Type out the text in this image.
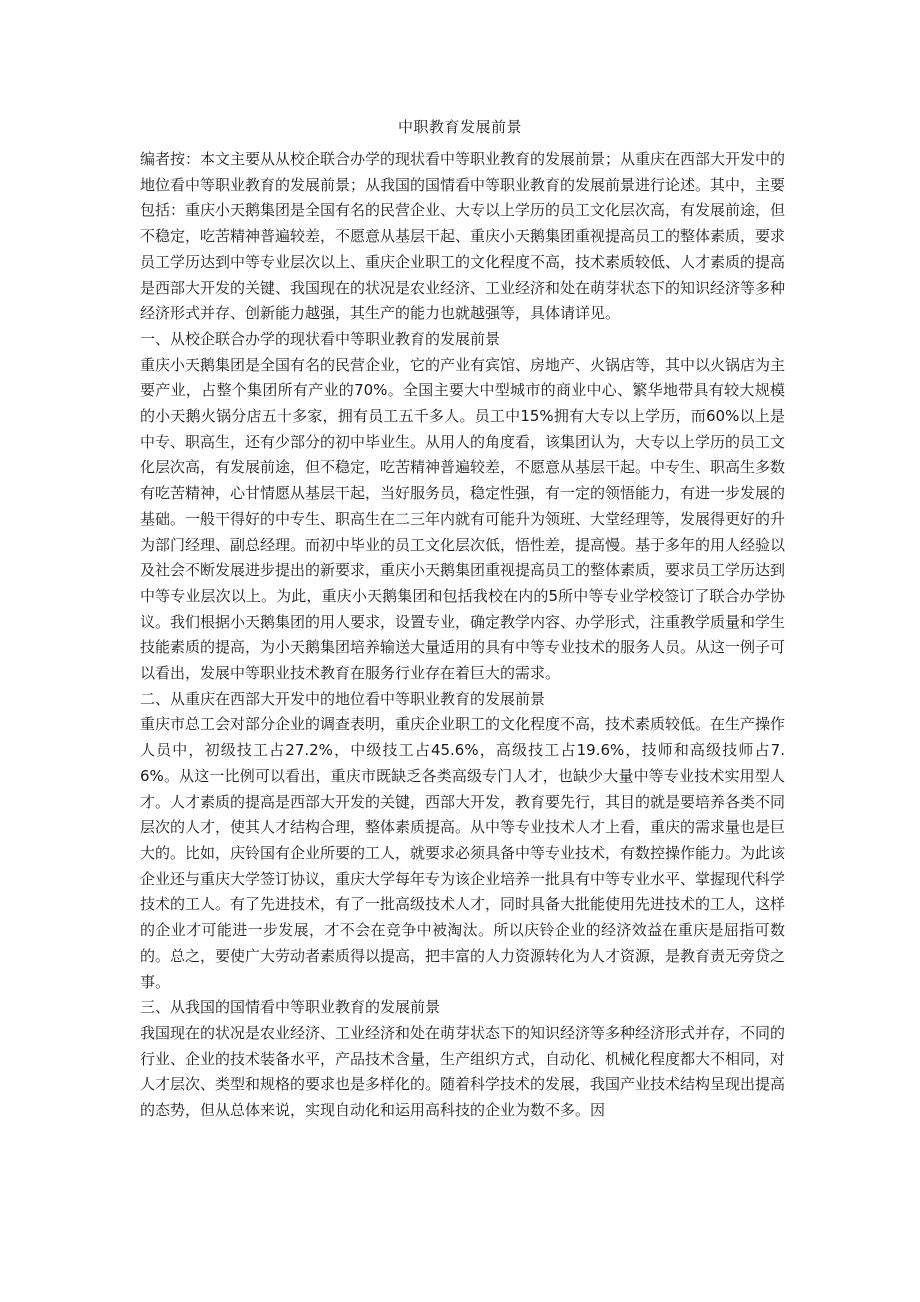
中职教育发展前景

编者按：本文主要从从校企联合办学的现状看中等职业教育的发展前景；从重庆在西部大开发中的地位看中等职业教育的发展前景；从我国的国情看中等职业教育的发展前景进行论述。其中，主要包括：重庆小天鹅集团是全国有名的民营企业、大专以上学历的员工文化层次高，有发展前途，但不稳定，吃苦精神普遍较差，不愿意从基层干起、重庆小天鹅集团重视提高员工的整体素质，要求员工学历达到中等专业层次以上、重庆企业职工的文化程度不高，技术素质较低、人才素质的提高是西部大开发的关键、我国现在的状况是农业经济、工业经济和处在萌芽状态下的知识经济等多种经济形式并存、创新能力越强，其生产的能力也就越强等，具体请详见。

一、从校企联合办学的现状看中等职业教育的发展前景

重庆小天鹅集团是全国有名的民营企业，它的产业有宾馆、房地产、火锅店等，其中以火锅店为主要产业，占整个集团所有产业的70%。全国主要大中型城市的商业中心、繁华地带具有较大规模的小天鹅火锅分店五十多家，拥有员工五千多人。员工中15%拥有大专以上学历，而60%以上是中专、职高生，还有少部分的初中毕业生。从用人的角度看，该集团认为，大专以上学历的员工文化层次高，有发展前途，但不稳定，吃苦精神普遍较差，不愿意从基层干起。中专生、职高生多数有吃苦精神，心甘情愿从基层干起，当好服务员，稳定性强，有一定的领悟能力，有进一步发展的基础。一般干得好的中专生、职高生在二三年内就有可能升为领班、大堂经理等，发展得更好的升为部门经理、副总经理。而初中毕业的员工文化层次低，悟性差，提高慢。基于多年的用人经验以及社会不断发展进步提出的新要求，重庆小天鹅集团重视提高员工的整体素质，要求员工学历达到中等专业层次以上。为此，重庆小天鹅集团和包括我校在内的5所中等专业学校签订了联合办学协议。我们根据小天鹅集团的用人要求，设置专业，确定教学内容、办学形式，注重教学质量和学生技能素质的提高，为小天鹅集团培养输送大量适用的具有中等专业技术的服务人员。从这一例子可以看出，发展中等职业技术教育在服务行业存在着巨大的需求。

二、从重庆在西部大开发中的地位看中等职业教育的发展前景

重庆市总工会对部分企业的调查表明，重庆企业职工的文化程度不高，技术素质较低。在生产操作人员中，初级技工占27.2%，中级技工占45.6%，高级技工占19.6%，技师和高级技师占7.6%。从这一比例可以看出，重庆市既缺乏各类高级专门人才，也缺少大量中等专业技术实用型人才。人才素质的提高是西部大开发的关键，西部大开发，教育要先行，其目的就是要培养各类不同层次的人才，使其人才结构合理，整体素质提高。从中等专业技术人才上看，重庆的需求量也是巨大的。比如，庆铃国有企业所要的工人，就要求必须具备中等专业技术，有数控操作能力。为此该企业还与重庆大学签订协议，重庆大学每年专为该企业培养一批具有中等专业水平、掌握现代科学技术的工人。有了先进技术，有了一批高级技术人才，同时具备大批能使用先进技术的工人，这样的企业才可能进一步发展，才不会在竞争中被淘汰。所以庆铃企业的经济效益在重庆是屈指可数的。总之，要使广大劳动者素质得以提高，把丰富的人力资源转化为人才资源，是教育责无旁贷之事。

三、从我国的国情看中等职业教育的发展前景

我国现在的状况是农业经济、工业经济和处在萌芽状态下的知识经济等多种经济形式并存，不同的行业、企业的技术装备水平，产品技术含量，生产组织方式，自动化、机械化程度都大不相同，对人才层次、类型和规格的要求也是多样化的。随着科学技术的发展，我国产业技术结构呈现出提高的态势，但从总体来说，实现自动化和运用高科技的企业为数不多。因
